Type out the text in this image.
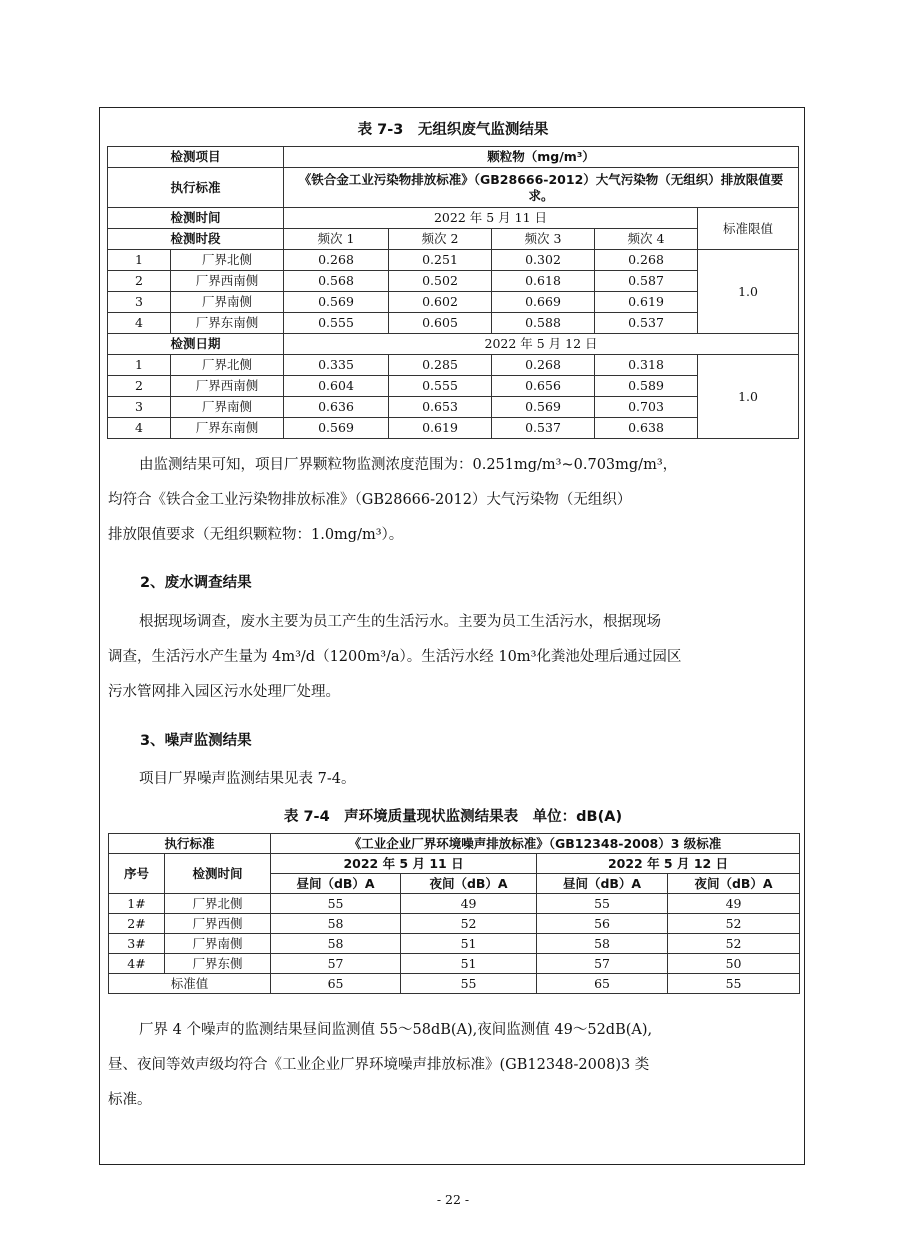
表 7-3　无组织废气监测结果
检测项目		颗粒物（mg/m³）				
执行标准		《铁合金工业污染物排放标准》（GB28666-2012）大气污染物（无组织）排放限值要求。				
检测时间		2022 年 5 月 11 日				标准限值
检测时段		频次 1	频次 2	频次 3	频次 4	
1	厂界北侧	0.268	0.251	0.302	0.268	1.0
2	厂界西南侧	0.568	0.502	0.618	0.587	
3	厂界南侧	0.569	0.602	0.669	0.619	
4	厂界东南侧	0.555	0.605	0.588	0.537	
检测日期		2022 年 5 月 12 日				
1	厂界北侧	0.335	0.285	0.268	0.318	1.0
2	厂界西南侧	0.604	0.555	0.656	0.589	
3	厂界南侧	0.636	0.653	0.569	0.703	
4	厂界东南侧	0.569	0.619	0.537	0.638	
由监测结果可知，项目厂界颗粒物监测浓度范围为：0.251mg/m³~0.703mg/m³，
均符合《铁合金工业污染物排放标准》（GB28666-2012）大气污染物（无组织）
排放限值要求（无组织颗粒物：1.0mg/m³）。
2、废水调查结果
根据现场调查，废水主要为员工产生的生活污水。主要为员工生活污水，根据现场
调查，生活污水产生量为 4m³/d（1200m³/a）。生活污水经 10m³化粪池处理后通过园区
污水管网排入园区污水处理厂处理。
3、噪声监测结果
项目厂界噪声监测结果见表 7-4。
表 7-4　声环境质量现状监测结果表　单位：dB(A)
执行标准		《工业企业厂界环境噪声排放标准》（GB12348-2008）3 级标准			
序号	检测时间	2022 年 5 月 11 日		2022 年 5 月 12 日	
		昼间（dB）A	夜间（dB）A	昼间（dB）A	夜间（dB）A
1#	厂界北侧	55	49	55	49
2#	厂界西侧	58	52	56	52
3#	厂界南侧	58	51	58	52
4#	厂界东侧	57	51	57	50
标准值		65	55	65	55
厂界 4 个噪声的监测结果昼间监测值 55～58dB(A),夜间监测值 49～52dB(A),
昼、夜间等效声级均符合《工业企业厂界环境噪声排放标准》(GB12348-2008)3 类
标准。
- 22 -
